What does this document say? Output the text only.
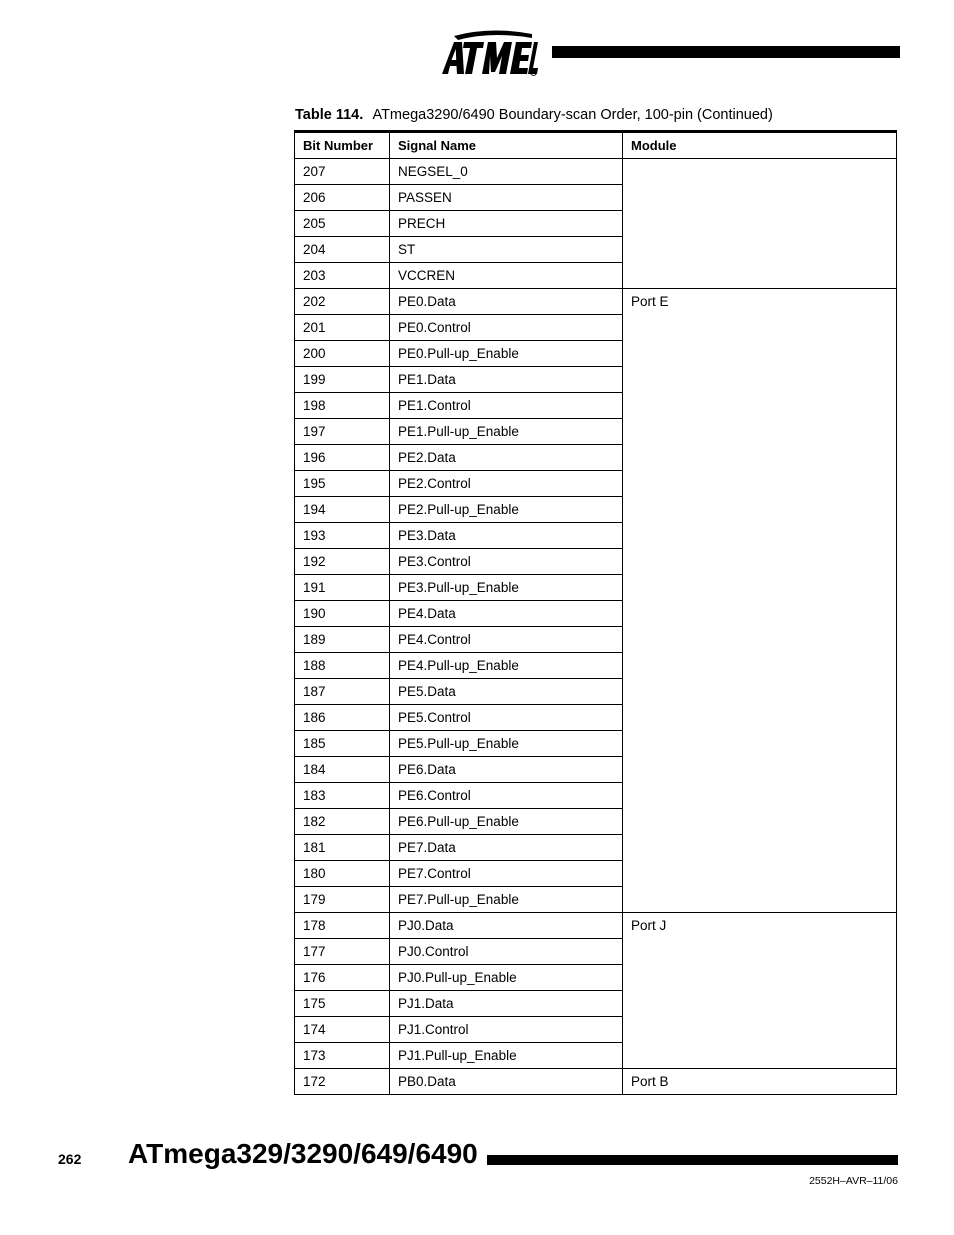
R
Table 114. ATmega3290/6490 Boundary-scan Order, 100-pin (Continued)
Bit Number	Signal Name	Module
207	NEGSEL_0	
206	PASSEN	
205	PRECH	
204	ST	
203	VCCREN	
202	PE0.Data	Port E
201	PE0.Control	
200	PE0.Pull-up_Enable	
199	PE1.Data	
198	PE1.Control	
197	PE1.Pull-up_Enable	
196	PE2.Data	
195	PE2.Control	
194	PE2.Pull-up_Enable	
193	PE3.Data	
192	PE3.Control	
191	PE3.Pull-up_Enable	
190	PE4.Data	
189	PE4.Control	
188	PE4.Pull-up_Enable	
187	PE5.Data	
186	PE5.Control	
185	PE5.Pull-up_Enable	
184	PE6.Data	
183	PE6.Control	
182	PE6.Pull-up_Enable	
181	PE7.Data	
180	PE7.Control	
179	PE7.Pull-up_Enable	
178	PJ0.Data	Port J
177	PJ0.Control	
176	PJ0.Pull-up_Enable	
175	PJ1.Data	
174	PJ1.Control	
173	PJ1.Pull-up_Enable	
172	PB0.Data	Port B
262 ATmega329/3290/649/6490
2552H–AVR–11/06
